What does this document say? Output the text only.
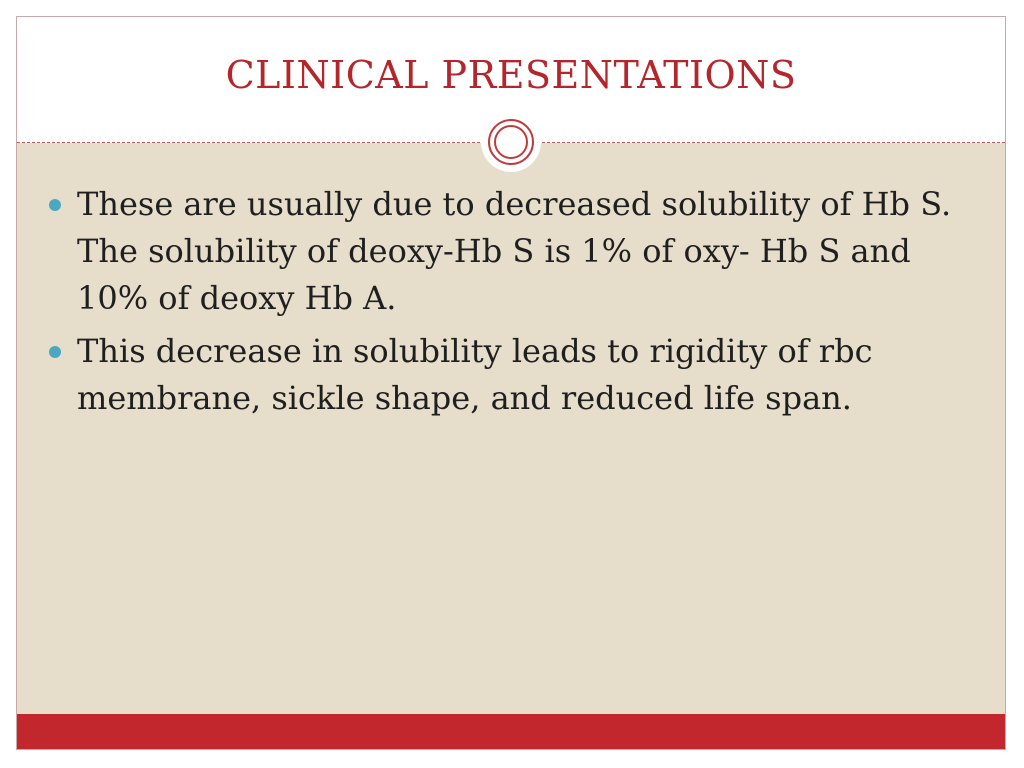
CLINICAL PRESENTATIONS
These are usually due to decreased solubility of Hb S. The solubility of deoxy-Hb S is 1% of oxy- Hb S and 10% of deoxy Hb A.
This decrease in solubility leads to rigidity of rbc membrane, sickle shape, and reduced life span.
